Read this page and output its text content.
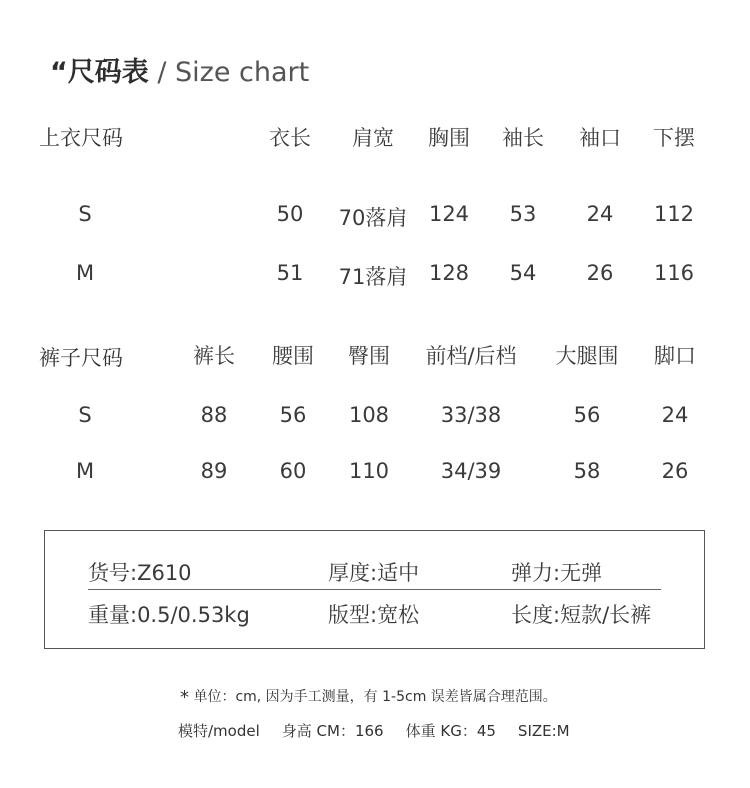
“尺码表 / Size chart
上衣尺码	衣长 肩宽 胸围 袖长 袖口 下摆
S	50 70落肩 124 53 24 112
M	51 71落肩 128 54 26 116
裤子尺码	裤长 腰围 臀围 前档/后档 大腿围 脚口
S	88 56 108 33/38	56	24
M	89 60 110 34/39	58	26
货号:Z610	厚度:适中	弹力:无弹
重量:0.5/0.53kg	版型:宽松	长度:短款/长裤
* 单位：cm, 因为手工测量，有 1-5cm 误差皆属合理范围。
模特/model 身高 CM：166 体重 KG：45 SIZE:M
